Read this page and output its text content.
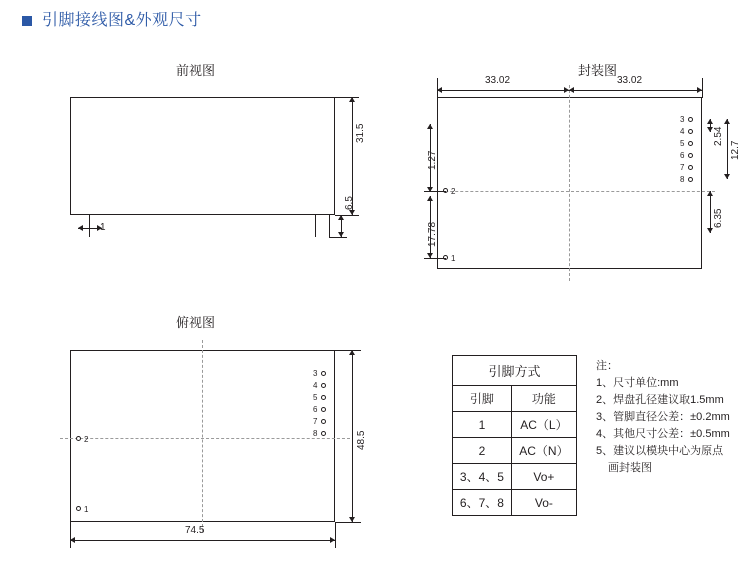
引脚接线图&外观尺寸
前视图
31.5
6.5
1
封装图
33.02	33.02
3
4
5
6
7
8
2
1
2.54
12.7
1.27
17.78
6.35
俯视图
3
4
5
6
7
8
2
1
74.5
48.5
引脚方式	
引脚	功能
1	AC（L）
2	AC（N）
3、4、5	Vo+
6、7、8	Vo-
注：
1、尺寸单位:mm
2、焊盘孔径建议取1.5mm
3、管脚直径公差：±0.2mm
4、其他尺寸公差：±0.5mm
5、建议以模块中心为原点
画封装图
